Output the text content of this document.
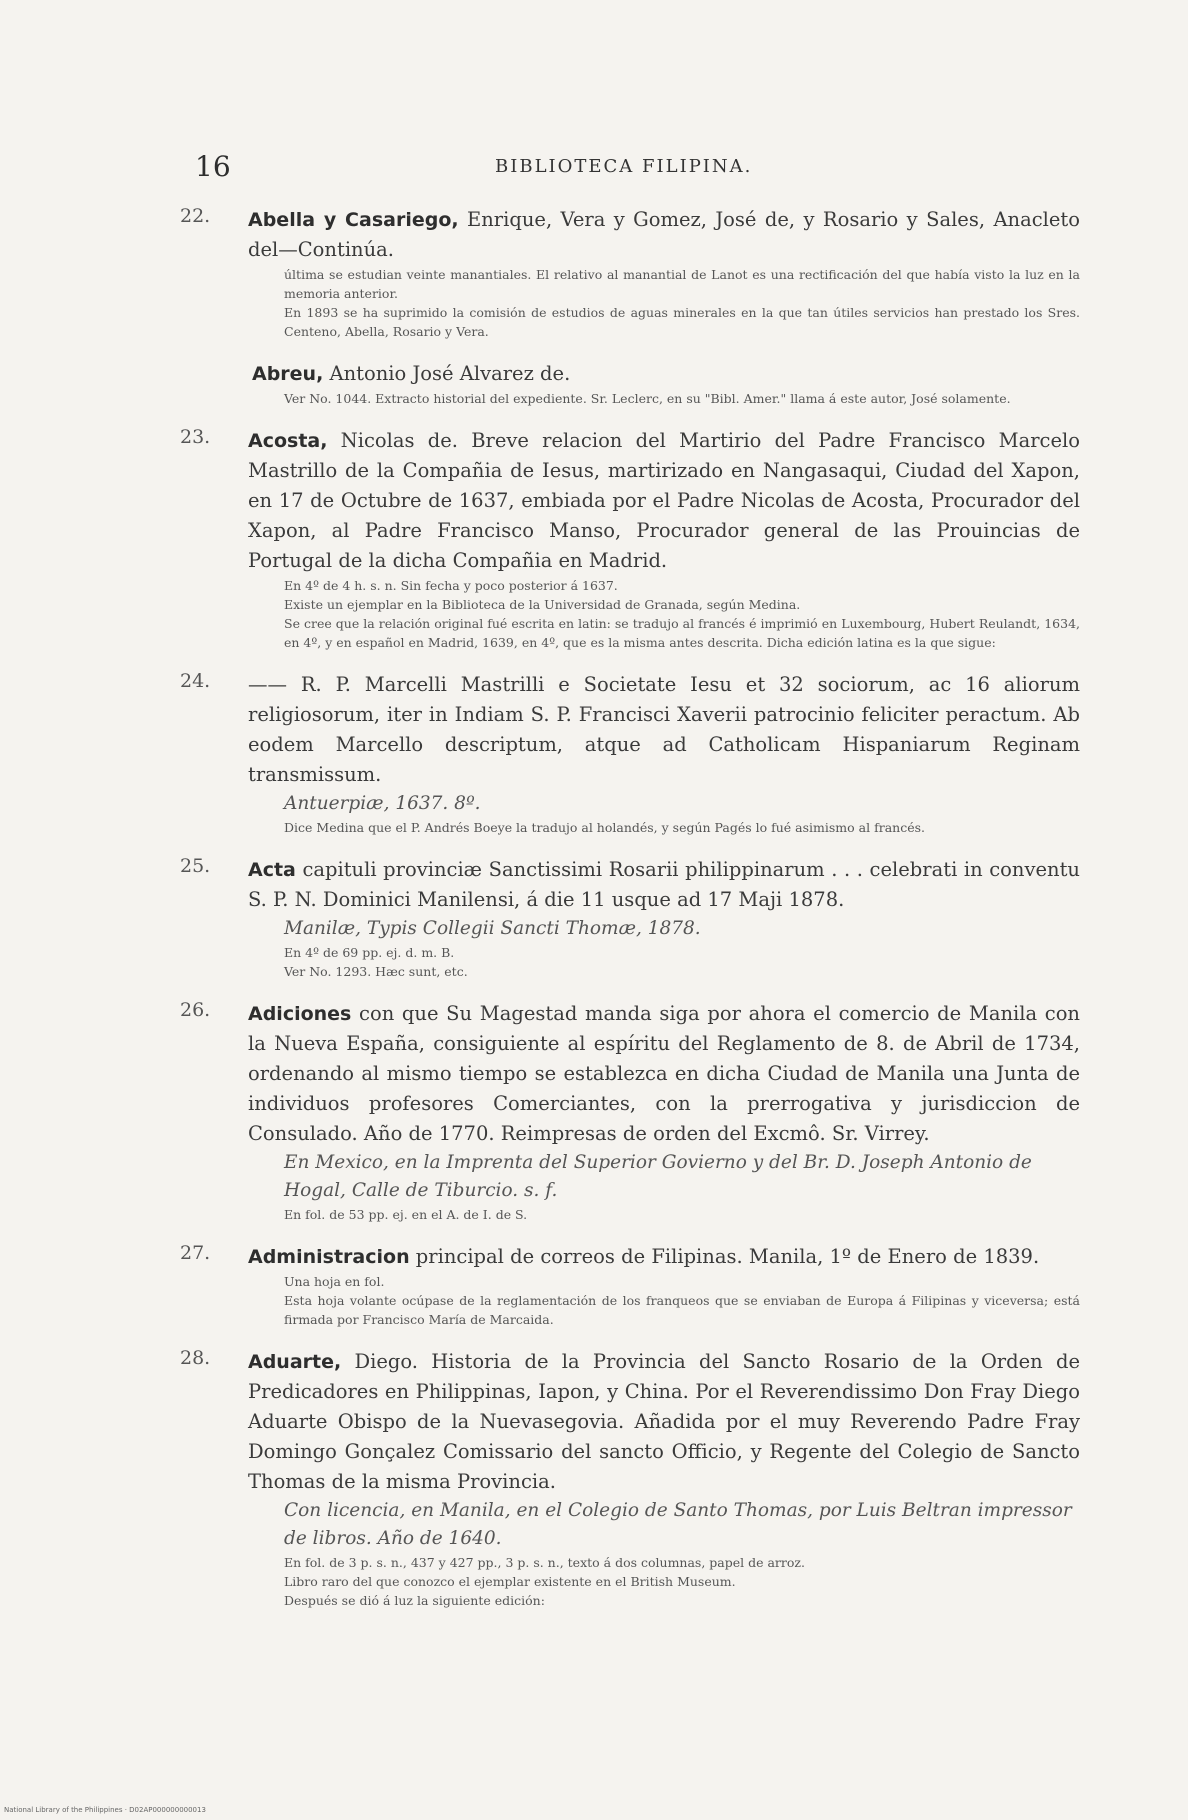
16	BIBLIOTECA FILIPINA.
22.	Abella y Casariego, Enrique, Vera y Gomez, José de, y Rosario y Sales, Anacleto del—Continúa.

última se estudian veinte manantiales. El relativo al manantial de Lanot es una rectificación del que había visto la luz en la memoria anterior.

En 1893 se ha suprimido la comisión de estudios de aguas minerales en la que tan útiles servicios han prestado los Sres. Centeno, Abella, Rosario y Vera.

Abreu, Antonio José Alvarez de.

Ver No. 1044. Extracto historial del expediente. Sr. Leclerc, en su "Bibl. Amer." llama á este autor, José solamente.

23.	Acosta, Nicolas de. Breve relacion del Martirio del Padre Francisco Marcelo Mastrillo de la Compañia de Iesus, martirizado en Nangasaqui, Ciudad del Xapon, en 17 de Octubre de 1637, embiada por el Padre Nicolas de Acosta, Procurador del Xapon, al Padre Francisco Manso, Procurador general de las Prouincias de Portugal de la dicha Compañia en Madrid.

En 4º de 4 h. s. n. Sin fecha y poco posterior á 1637.

Existe un ejemplar en la Biblioteca de la Universidad de Granada, según Medina.

Se cree que la relación original fué escrita en latin: se tradujo al francés é imprimió en Luxembourg, Hubert Reulandt, 1634, en 4º, y en español en Madrid, 1639, en 4º, que es la misma antes descrita. Dicha edición latina es la que sigue:

24.	—— R. P. Marcelli Mastrilli e Societate Iesu et 32 sociorum, ac 16 aliorum religiosorum, iter in Indiam S. P. Francisci Xaverii patrocinio feliciter peractum. Ab eodem Marcello descriptum, atque ad Catholicam Hispaniarum Reginam transmissum.
Antuerpiæ, 1637. 8º.

Dice Medina que el P. Andrés Boeye la tradujo al holandés, y según Pagés lo fué asimismo al francés.

25.	Acta capituli provinciæ Sanctissimi Rosarii philippinarum . . . celebrati in conventu S. P. N. Dominici Manilensi, á die 11 usque ad 17 Maji 1878.
Manilæ, Typis Collegii Sancti Thomæ, 1878.

En 4º de 69 pp. ej. d. m. B.

Ver No. 1293. Hæc sunt, etc.

26.	Adiciones con que Su Magestad manda siga por ahora el comercio de Manila con la Nueva España, consiguiente al espíritu del Reglamento de 8. de Abril de 1734, ordenando al mismo tiempo se establezca en dicha Ciudad de Manila una Junta de individuos profesores Comerciantes, con la prerrogativa y jurisdiccion de Consulado. Año de 1770. Reimpresas de orden del Excmô. Sr. Virrey.
En Mexico, en la Imprenta del Superior Govierno y del Br. D. Joseph Antonio de Hogal, Calle de Tiburcio. s. f.

En fol. de 53 pp. ej. en el A. de I. de S.

27.	Administracion principal de correos de Filipinas. Manila, 1º de Enero de 1839.

Una hoja en fol.

Esta hoja volante ocúpase de la reglamentación de los franqueos que se enviaban de Europa á Filipinas y viceversa; está firmada por Francisco María de Marcaida.

28.	Aduarte, Diego. Historia de la Provincia del Sancto Rosario de la Orden de Predicadores en Philippinas, Iapon, y China. Por el Reverendissimo Don Fray Diego Aduarte Obispo de la Nuevasegovia. Añadida por el muy Reverendo Padre Fray Domingo Gonçalez Comissario del sancto Officio, y Regente del Colegio de Sancto Thomas de la misma Provincia.
Con licencia, en Manila, en el Colegio de Santo Thomas, por Luis Beltran impressor de libros. Año de 1640.

En fol. de 3 p. s. n., 437 y 427 pp., 3 p. s. n., texto á dos columnas, papel de arroz.

Libro raro del que conozco el ejemplar existente en el British Museum.

Después se dió á luz la siguiente edición:

National Library of the Philippines · D02AP000000000013
